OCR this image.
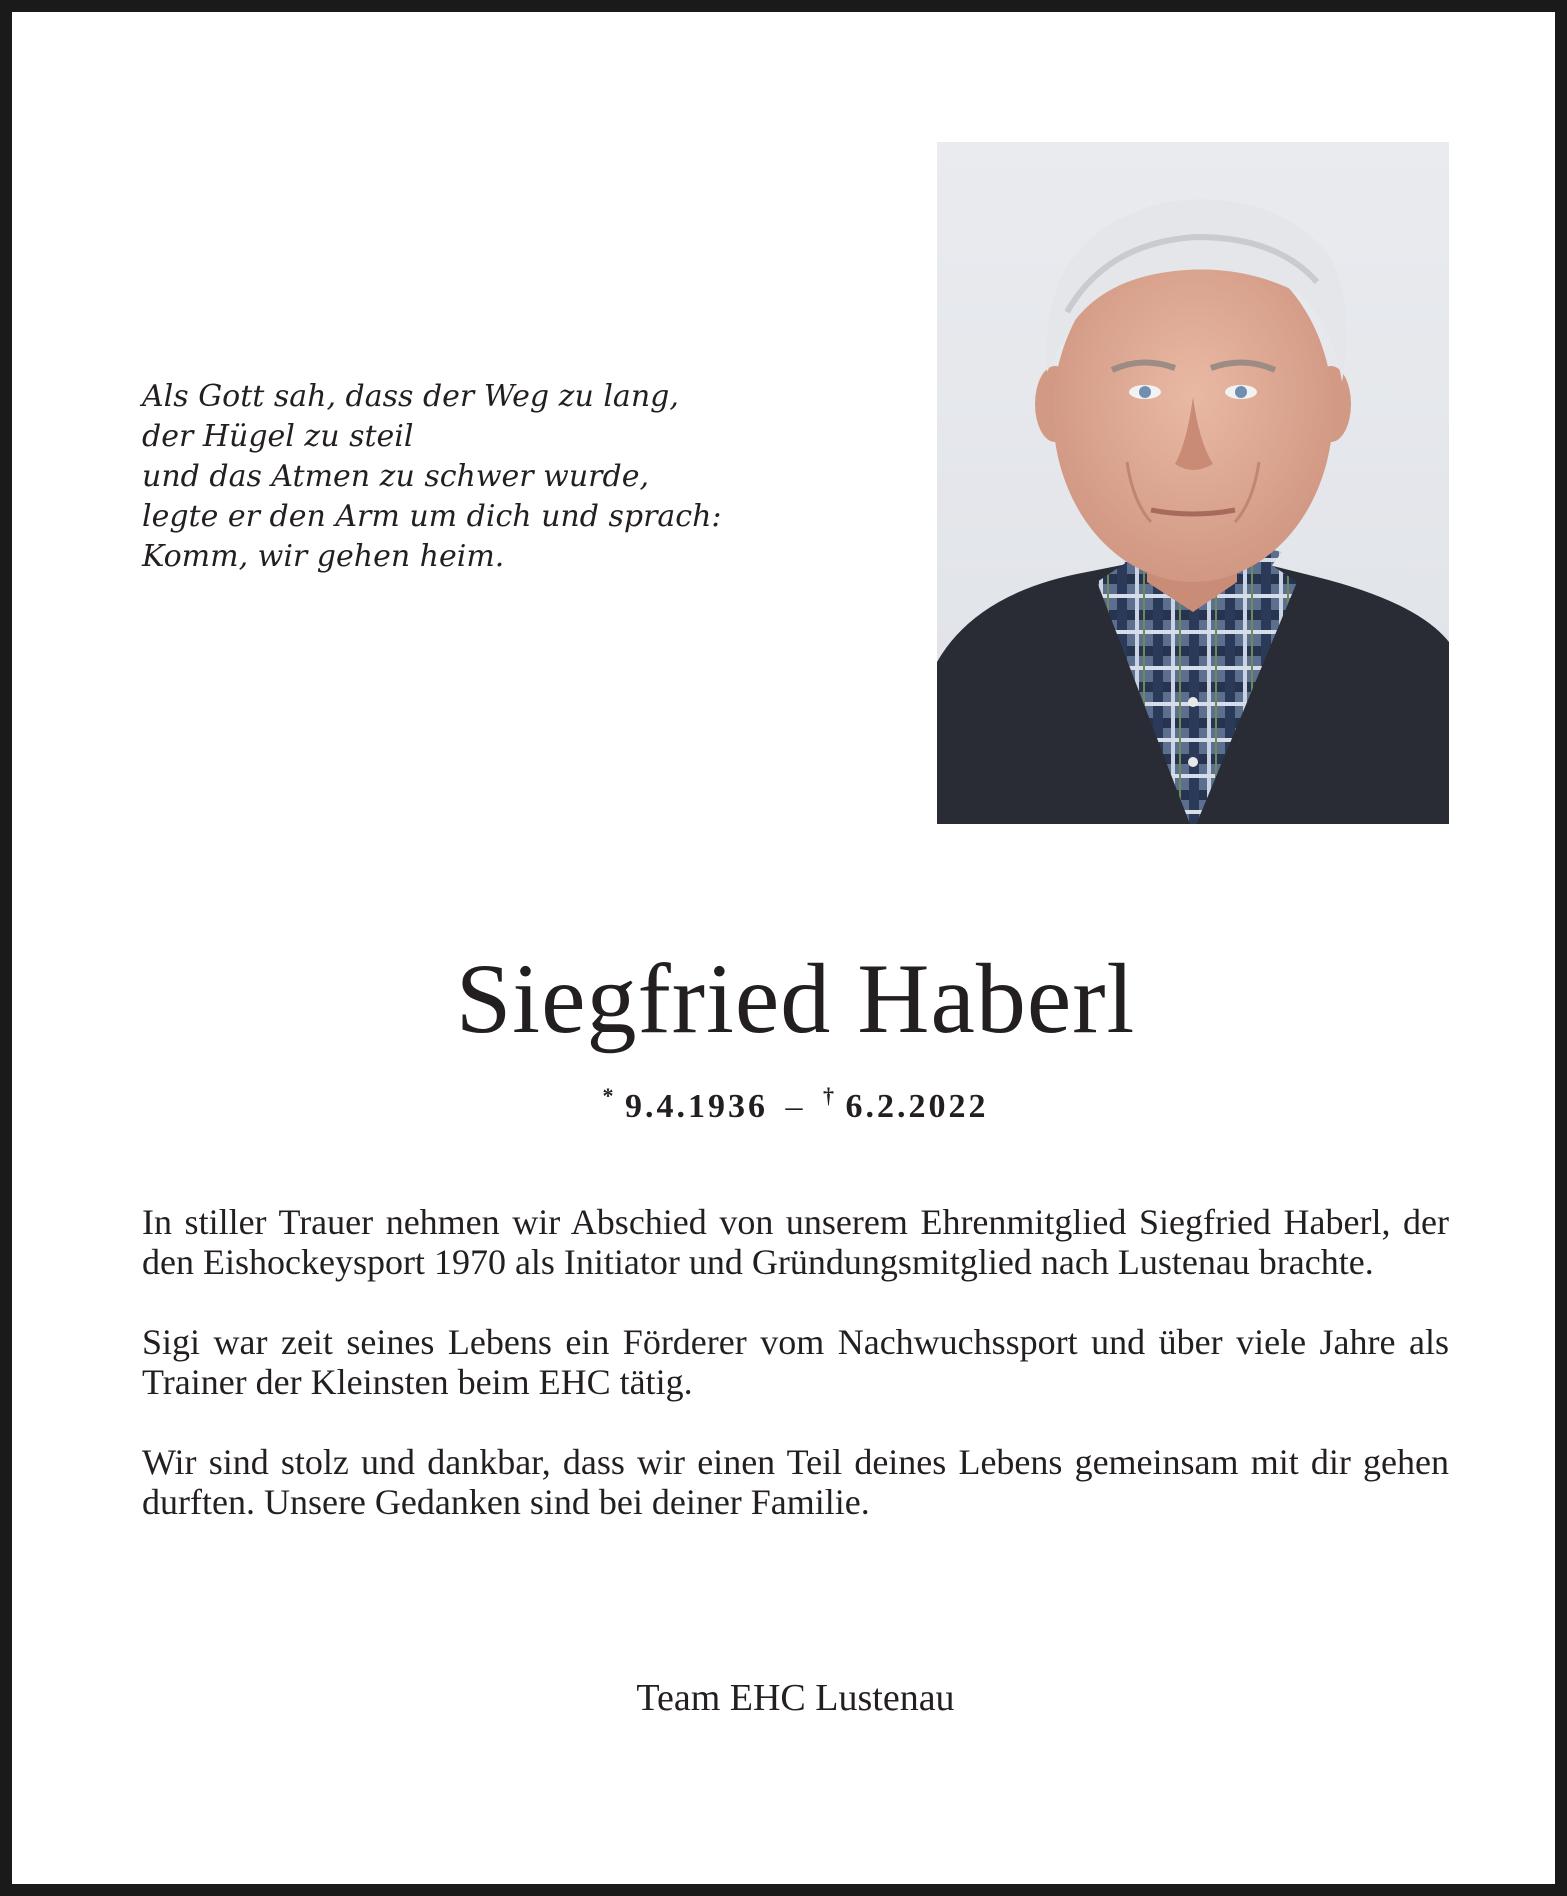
Als Gott sah, dass der Weg zu lang,
der Hügel zu steil
und das Atmen zu schwer wurde,
legte er den Arm um dich und sprach:
Komm, wir gehen heim.
Siegfried Haberl
* 9.4.1936 – † 6.2.2022

In stiller Trauer nehmen wir Abschied von unserem Ehrenmitglied Siegfried Haberl, der den Eishockeysport 1970 als Initiator und Gründungsmitglied nach Lustenau brachte.

Sigi war zeit seines Lebens ein Förderer vom Nachwuchssport und über viele Jahre als Trainer der Kleinsten beim EHC tätig.

Wir sind stolz und dankbar, dass wir einen Teil deines Lebens gemeinsam mit dir gehen durften. Unsere Gedanken sind bei deiner Familie.

Team EHC Lustenau
